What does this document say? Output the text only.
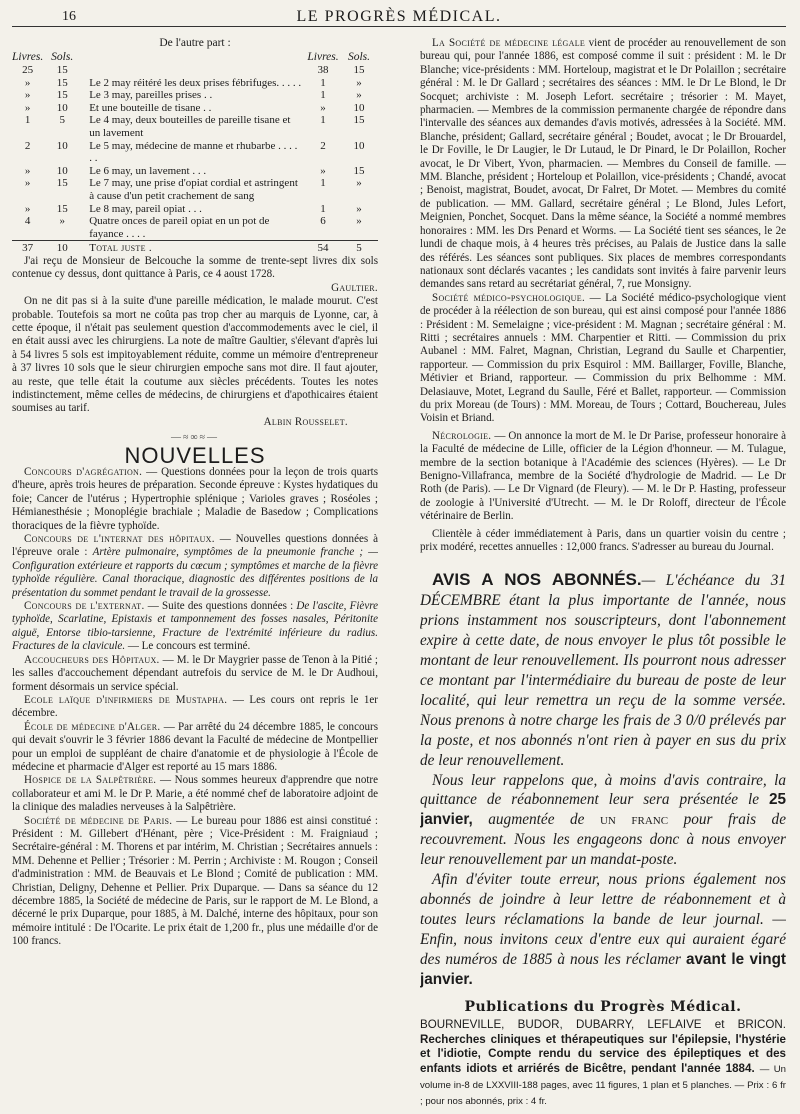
16	LE PROGRÈS MÉDICAL.
De l'autre part :
Livres.	Sols.		Livres.	Sols.
25	15		38	15
»	15	Le 2 may réitéré les deux prises fébrifuges. . . . .	1	»
»	15	Le 3 may, pareilles prises . .	1	»
»	10	Et une bouteille de tisane . .	»	10
1	5	Le 4 may, deux bouteilles de pareille tisane et un lavement	1	15
2	10	Le 5 may, médecine de manne et rhubarbe . . . . . .	2	10
»	10	Le 6 may, un lavement . . .	»	15
»	15	Le 7 may, une prise d'opiat cordial et astringent à cause d'un petit crachement de sang	1	»
»	15	Le 8 may, pareil opiat . . .	1	»
4	»	Quatre onces de pareil opiat en un pot de fayance . . . .	6	»
37	10	Total juste .	54	5

J'ai reçu de Monsieur de Belcouche la somme de trente-sept livres dix sols contenue cy dessus, dont quittance à Paris, ce 4 aoust 1728.

Gaultier.

On ne dit pas si à la suite d'une pareille médication, le malade mourut. C'est probable. Toutefois sa mort ne coûta pas trop cher au marquis de Lyonne, car, à cette époque, il n'était pas seulement question d'accommodements avec le ciel, il en était aussi avec les chirurgiens. La note de maître Gaultier, s'élevant d'après lui à 54 livres 5 sols est impitoyablement réduite, comme un mémoire d'entrepreneur à 37 livres 10 sols que le sieur chirurgien empoche sans mot dire. Il faut ajouter, au reste, que telle était la coutume aux siècles précédents. Toutes les notes indistinctement, même celles de médecins, de chirurgiens et d'apothicaires étaient soumises au tarif.

Albin Rousselet.
—≈∞≈—
NOUVELLES

Concours d'agrégation. — Questions données pour la leçon de trois quarts d'heure, après trois heures de préparation. Seconde épreuve : Kystes hydatiques du foie; Cancer de l'utérus ; Hypertrophie splénique ; Varioles graves ; Roséoles ; Hémianesthésie ; Monoplégie brachiale ; Maladie de Basedow ; Complications thoraciques de la fièvre typhoïde.

Concours de l'internat des hôpitaux. — Nouvelles questions données à l'épreuve orale : Artère pulmonaire, symptômes de la pneumonie franche ; — Configuration extérieure et rapports du cœcum ; symptômes et marche de la fièvre typhoïde régulière. Canal thoracique, diagnostic des différentes positions de la présentation du sommet pendant le travail de la grossesse.

Concours de l'externat. — Suite des questions données : De l'ascite, Fièvre typhoïde, Scarlatine, Epistaxis et tamponnement des fosses nasales, Péritonite aiguë, Entorse tibio-tarsienne, Fracture de l'extrémité inférieure du radius. Fractures de la clavicule. — Le concours est terminé.

Accoucheurs des Hôpitaux. — M. le Dr Maygrier passe de Tenon à la Pitié ; les salles d'accouchement dépendant autrefois du service de M. le Dr Audhoui, forment désormais un service spécial.

Ecole laïque d'infirmiers de Mustapha. — Les cours ont repris le 1er décembre.

École de médecine d'Alger. — Par arrêté du 24 décembre 1885, le concours qui devait s'ouvrir le 3 février 1886 devant la Faculté de médecine de Montpellier pour un emploi de suppléant de chaire d'anatomie et de physiologie à l'École de médecine et pharmacie d'Alger est reporté au 15 mars 1886.

Hospice de la Salpêtrière. — Nous sommes heureux d'apprendre que notre collaborateur et ami M. le Dr P. Marie, a été nommé chef de laboratoire adjoint de la clinique des maladies nerveuses à la Salpêtrière.

Société de médecine de Paris. — Le bureau pour 1886 est ainsi constitué : Président : M. Gillebert d'Hénant, père ; Vice-Président : M. Fraigniaud ; Secrétaire-général : M. Thorens et par intérim, M. Christian ; Secrétaires annuels : MM. Dehenne et Pellier ; Trésorier : M. Perrin ; Archiviste : M. Rougon ; Conseil d'administration : MM. de Beauvais et Le Blond ; Comité de publication : MM. Christian, Deligny, Dehenne et Pellier. Prix Duparque. — Dans sa séance du 12 décembre 1885, la Société de médecine de Paris, sur le rapport de M. Le Blond, a décerné le prix Duparque, pour 1885, à M. Dalché, interne des hôpitaux, pour son mémoire intitulé : De l'Ocarite. Le prix était de 1,200 fr., plus une médaille d'or de 100 francs.

La Société de médecine légale vient de procéder au renouvellement de son bureau qui, pour l'année 1886, est composé comme il suit : président : M. le Dr Blanche; vice-présidents : MM. Horteloup, magistrat et le Dr Polaillon ; secrétaire général : M. le Dr Gallard ; secrétaires des séances : MM. le Dr Le Blond, le Dr Socquet; archiviste : M. Joseph Lefort. secrétaire ; trésorier : M. Mayet, pharmacien. — Membres de la commission permanente chargée de répondre dans l'intervalle des séances aux demandes d'avis motivés, adressées à la Société. MM. Blanche, président; Gallard, secrétaire général ; Boudet, avocat ; le Dr Brouardel, le Dr Foville, le Dr Laugier, le Dr Lutaud, le Dr Pinard, le Dr Polaillon, Rocher avocat, le Dr Vibert, Yvon, pharmacien. — Membres du Conseil de famille. — MM. Blanche, président ; Horteloup et Polaillon, vice-présidents ; Chandé, avocat ; Benoist, magistrat, Boudet, avocat, Dr Falret, Dr Motet. — Membres du comité de publication. — MM. Gallard, secrétaire général ; Le Blond, Jules Lefort, Meignien, Ponchet, Socquet. Dans la même séance, la Société a nommé membres honoraires : MM. les Drs Penard et Worms. — La Société tient ses séances, le 2e lundi de chaque mois, à 4 heures très précises, au Palais de Justice dans la salle des référés. Les séances sont publiques. Six places de membres correspondants nationaux sont déclarés vacantes ; les candidats sont invités à faire parvenir leurs demandes sans retard au secrétariat général, 7, rue Monsigny.

Société médico-psychologique. — La Société médico-psychologique vient de procéder à la réélection de son bureau, qui est ainsi composé pour l'année 1886 : Président : M. Semelaigne ; vice-président : M. Magnan ; secrétaire général : M. Ritti ; secrétaires annuels : MM. Charpentier et Ritti. — Commission du prix Aubanel : MM. Falret, Magnan, Christian, Legrand du Saulle et Charpentier, rapporteur. — Commission du prix Esquirol : MM. Baillarger, Foville, Blanche, Métivier et Briand, rapporteur. — Commission du prix Belhomme : MM. Delasiauve, Motet, Legrand du Saulle, Féré et Ballet, rapporteur. — Commission du prix Moreau (de Tours) : MM. Moreau, de Tours ; Cottard, Bouchereau, Jules Voisin et Briand.

Nécrologie. — On annonce la mort de M. le Dr Parise, professeur honoraire à la Faculté de médecine de Lille, officier de la Légion d'honneur. — M. Tulague, membre de la section botanique à l'Académie des sciences (Hyères). — Le Dr Benigno-Villafranca, membre de la Société d'hydrologie de Madrid. — Le Dr Roth (de Paris). — Le Dr Vignard (de Fleury). — M. le Dr P. Hasting, professeur de zoologie à l'Université d'Utrecht. — M. le Dr Roloff, directeur de l'École vétérinaire de Berlin.

Clientèle à céder immédiatement à Paris, dans un quartier voisin du centre ; prix modéré, recettes annuelles : 12,000 francs. S'adresser au bureau du Journal.

AVIS A NOS ABONNÉS.— L'échéance du 31 DÉCEMBRE étant la plus importante de l'année, nous prions instamment nos souscripteurs, dont l'abonnement expire à cette date, de nous envoyer le plus tôt possible le montant de leur renouvellement. Ils pourront nous adresser ce montant par l'intermédiaire du bureau de poste de leur localité, qui leur remettra un reçu de la somme versée. Nous prenons à notre charge les frais de 3 0/0 prélevés par la poste, et nos abonnés n'ont rien à payer en sus du prix de leur renouvellement.

Nous leur rappelons que, à moins d'avis contraire, la quittance de réabonnement leur sera présentée le 25 janvier, augmentée de un franc pour frais de recouvrement. Nous les engageons donc à nous envoyer leur renouvellement par un mandat-poste.

Afin d'éviter toute erreur, nous prions également nos abonnés de joindre à leur lettre de réabonnement et à toutes leurs réclamations la bande de leur journal. — Enfin, nous invitons ceux d'entre eux qui auraient égaré des numéros de 1885 à nous les réclamer avant le vingt janvier.

Publications du Progrès Médical.
BOURNEVILLE, BUDOR, DUBARRY, LEFLAIVE et BRICON. Recherches cliniques et thérapeutiques sur l'épilepsie, l'hystérie et l'idiotie, Compte rendu du service des épileptiques et des enfants idiots et arriérés de Bicêtre, pendant l'année 1884. — Un volume in-8 de LXXVIII-188 pages, avec 11 figures, 1 plan et 5 planches. — Prix : 6 fr ; pour nos abonnés, prix : 4 fr.
